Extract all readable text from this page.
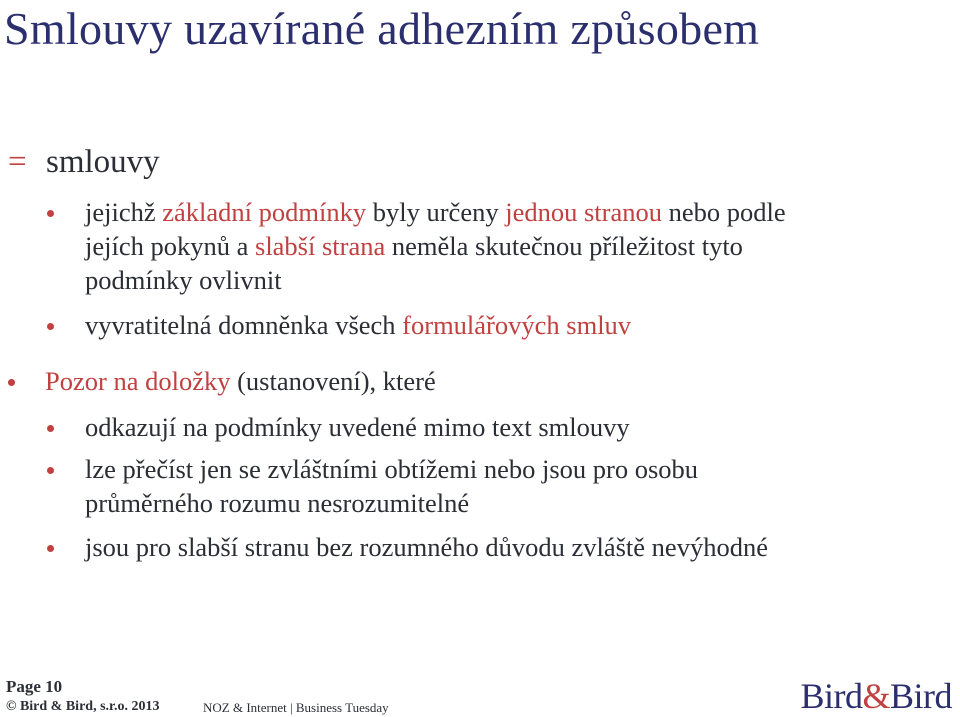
Smlouvy uzavírané adhezním způsobem
= smlouvy
jejichž základní podmínky byly určeny jednou stranou nebo podle
jejích pokynů a slabší strana neměla skutečnou příležitost tyto
podmínky ovlivnit
vyvratitelná domněnka všech formulářových smluv
Pozor na doložky (ustanovení), které
odkazují na podmínky uvedené mimo text smlouvy
lze přečíst jen se zvláštními obtížemi nebo jsou pro osobu
průměrného rozumu nesrozumitelné
jsou pro slabší stranu bez rozumného důvodu zvláště nevýhodné
Page 10
© Bird & Bird, s.r.o. 2013	NOZ & Internet | Business Tuesday	Bird&Bird
